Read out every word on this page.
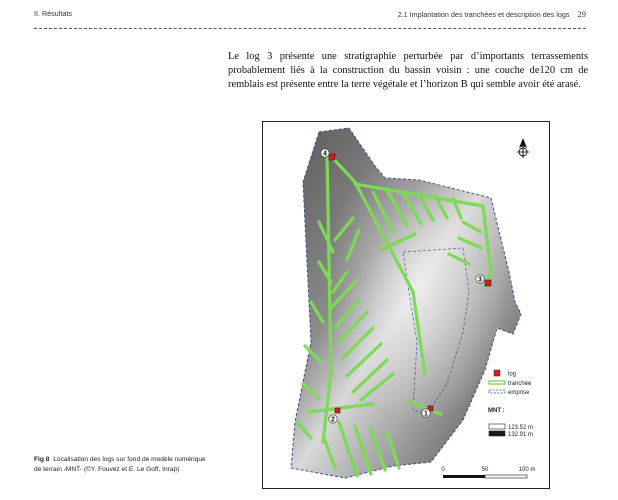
II. Résultats	2.1 Implantation des tranchées et description des logs 29
Le log 3 présente une stratigraphie perturbée par d’importants terrassements probablement liés à la construction du bassin voisin : une couche de120 cm de remblais est présente entre la terre végétale et l’horizon B qui semble avoir été arasé.
4
3
2
1
log
tranchée
emprise
MNT :
123.52 m
132.91 m
0	50	100 m
Fig 8 Localisation des logs sur fond de modèle numérique de terrain -MNT- (©Y. Fouvez et E. Le Goff, Inrap)
